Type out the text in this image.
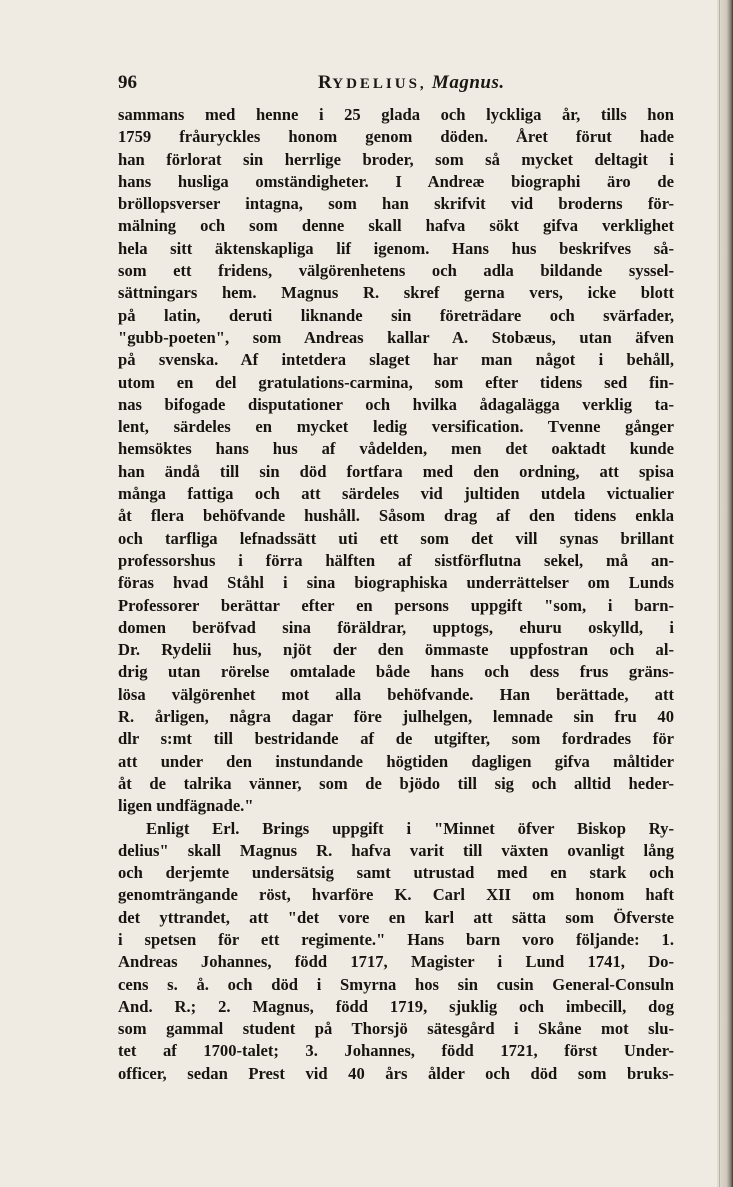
96	RYDELIUS, Magnus.
sammans med henne i 25 glada och lyckliga år, tills hon
1759 fråuryckles honom genom döden. Året förut hade
han förlorat sin herrlige broder, som så mycket deltagit i
hans husliga omständigheter. I Andreæ biographi äro de
bröllopsverser intagna, som han skrifvit vid broderns för-
mälning och som denne skall hafva sökt gifva verklighet
hela sitt äktenskapliga lif igenom. Hans hus beskrifves så-
som ett fridens, välgörenhetens och adla bildande syssel-
sättningars hem. Magnus R. skref gerna vers, icke blott
på latin, deruti liknande sin företrädare och svärfader,
"gubb-poeten", som Andreas kallar A. Stobæus, utan äfven
på svenska. Af intetdera slaget har man något i behåll,
utom en del gratulations-carmina, som efter tidens sed fin-
nas bifogade disputationer och hvilka ådagalägga verklig ta-
lent, särdeles en mycket ledig versification. Tvenne gånger
hemsöktes hans hus af vådelden, men det oaktadt kunde
han ändå till sin död fortfara med den ordning, att spisa
många fattiga och att särdeles vid jultiden utdela victualier
åt flera behöfvande hushåll. Såsom drag af den tidens enkla
och tarfliga lefnadssätt uti ett som det vill synas brillant
professorshus i förra hälften af sistförflutna sekel, må an-
föras hvad Ståhl i sina biographiska underrättelser om Lunds
Professorer berättar efter en persons uppgift "som, i barn-
domen beröfvad sina föräldrar, upptogs, ehuru oskylld, i
Dr. Rydelii hus, njöt der den ömmaste uppfostran och al-
drig utan rörelse omtalade både hans och dess frus gräns-
lösa välgörenhet mot alla behöfvande. Han berättade, att
R. årligen, några dagar före julhelgen, lemnade sin fru 40
dlr s:mt till bestridande af de utgifter, som fordrades för
att under den instundande högtiden dagligen gifva måltider
åt de talrika vänner, som de bjödo till sig och alltid heder-
ligen undfägnade."
Enligt Erl. Brings uppgift i "Minnet öfver Biskop Ry-
delius" skall Magnus R. hafva varit till växten ovanligt lång
och derjemte undersätsig samt utrustad med en stark och
genomträngande röst, hvarföre K. Carl XII om honom haft
det yttrandet, att "det vore en karl att sätta som Öfverste
i spetsen för ett regimente." Hans barn voro följande: 1.
Andreas Johannes, född 1717, Magister i Lund 1741, Do-
cens s. å. och död i Smyrna hos sin cusin General-Consuln
And. R.; 2. Magnus, född 1719, sjuklig och imbecill, dog
som gammal student på Thorsjö sätesgård i Skåne mot slu-
tet af 1700-talet; 3. Johannes, född 1721, först Under-
officer, sedan Prest vid 40 års ålder och död som bruks-
